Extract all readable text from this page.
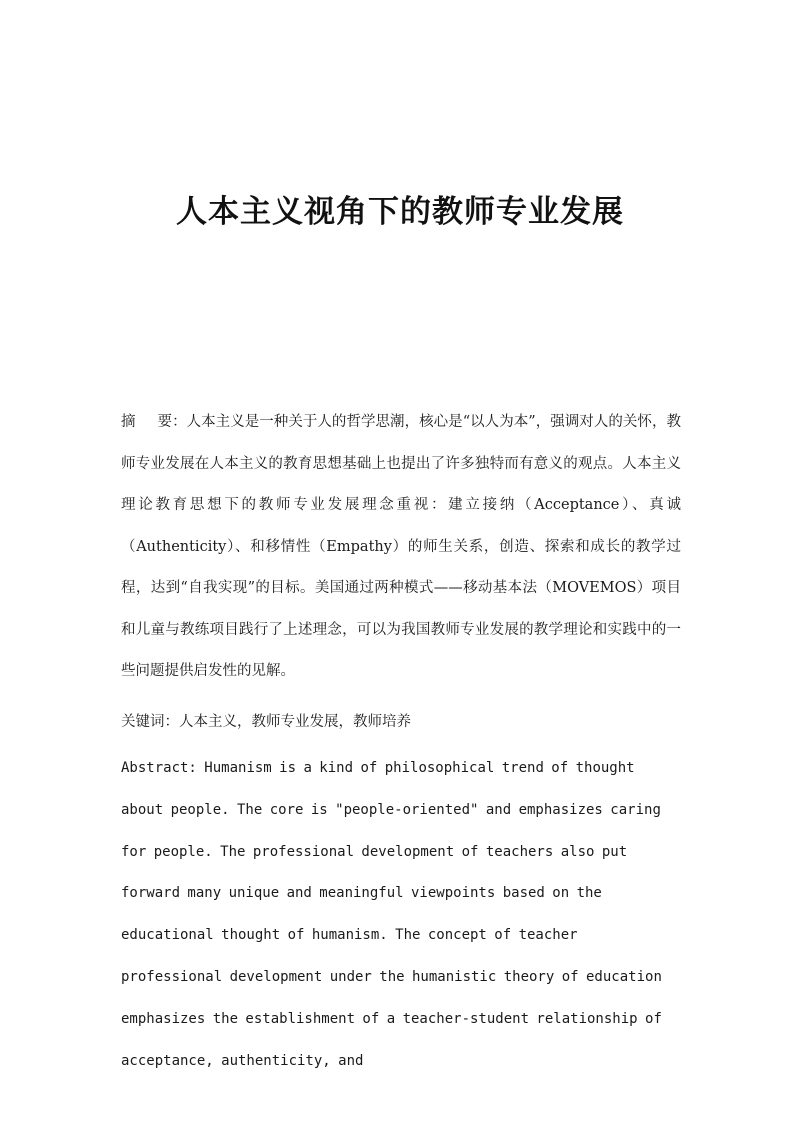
人本主义视角下的教师专业发展

摘 要：人本主义是一种关于人的哲学思潮，核心是“以人为本”，强调对人的关怀，教师专业发展在人本主义的教育思想基础上也提出了许多独特而有意义的观点。人本主义理论教育思想下的教师专业发展理念重视：建立接纳（Acceptance）、真诚（Authenticity）、和移情性（Empathy）的师生关系，创造、探索和成长的教学过程，达到“自我实现”的目标。美国通过两种模式——移动基本法（MOVEMOS）项目和儿童与教练项目践行了上述理念，可以为我国教师专业发展的教学理论和实践中的一些问题提供启发性的见解。

关键词：人本主义，教师专业发展，教师培养

Abstract: Humanism is a kind of philosophical trend of thought about people. The core is "people-oriented" and emphasizes caring for people. The professional development of teachers also put forward many unique and meaningful viewpoints based on the educational thought of humanism. The concept of teacher professional development under the humanistic theory of education emphasizes the establishment of a teacher-student relationship of acceptance, authenticity, and
